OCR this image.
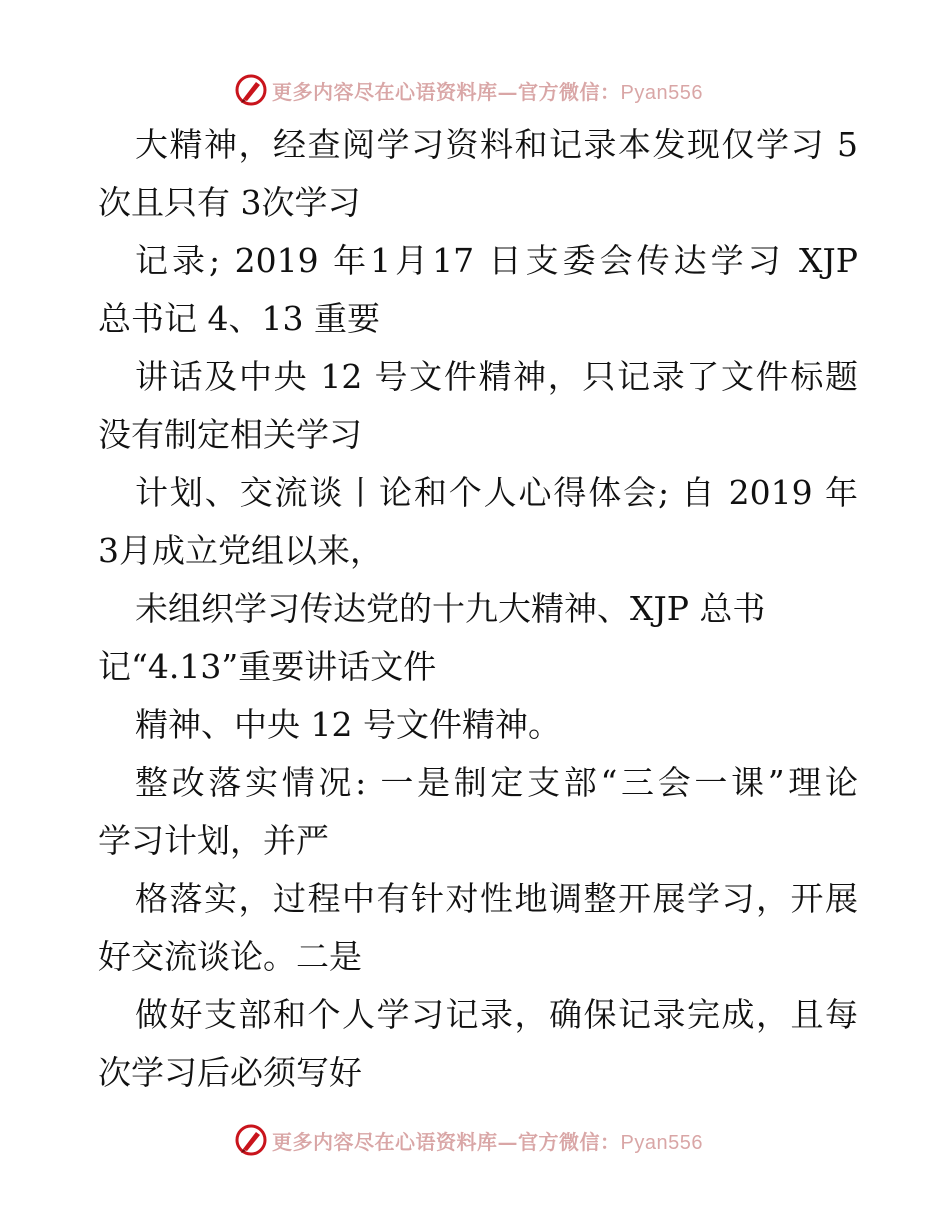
更多内容尽在心语资料库—官方微信：Pyan556
大精神，经查阅学习资料和记录本发现仅学习 5
次且只有 3次学习
记录; 2019 年1月17 日支委会传达学习 XJP
总书记 4、13 重要
讲话及中央 12 号文件精神，只记录了文件标题
没有制定相关学习
计划、交流谈丨论和个人心得体会; 自 2019 年
3月成立党组以来，
未组织学习传达党的十九大精神、XJP 总书
记“4.13”重要讲话文件
精神、中央 12 号文件精神。
整改落实情况: 一是制定支部“三会一课”理论
学习计划，并严
格落实，过程中有针对性地调整开展学习，开展
好交流谈论。二是
做好支部和个人学习记录，确保记录完成，且每
次学习后必须写好
更多内容尽在心语资料库—官方微信：Pyan556
